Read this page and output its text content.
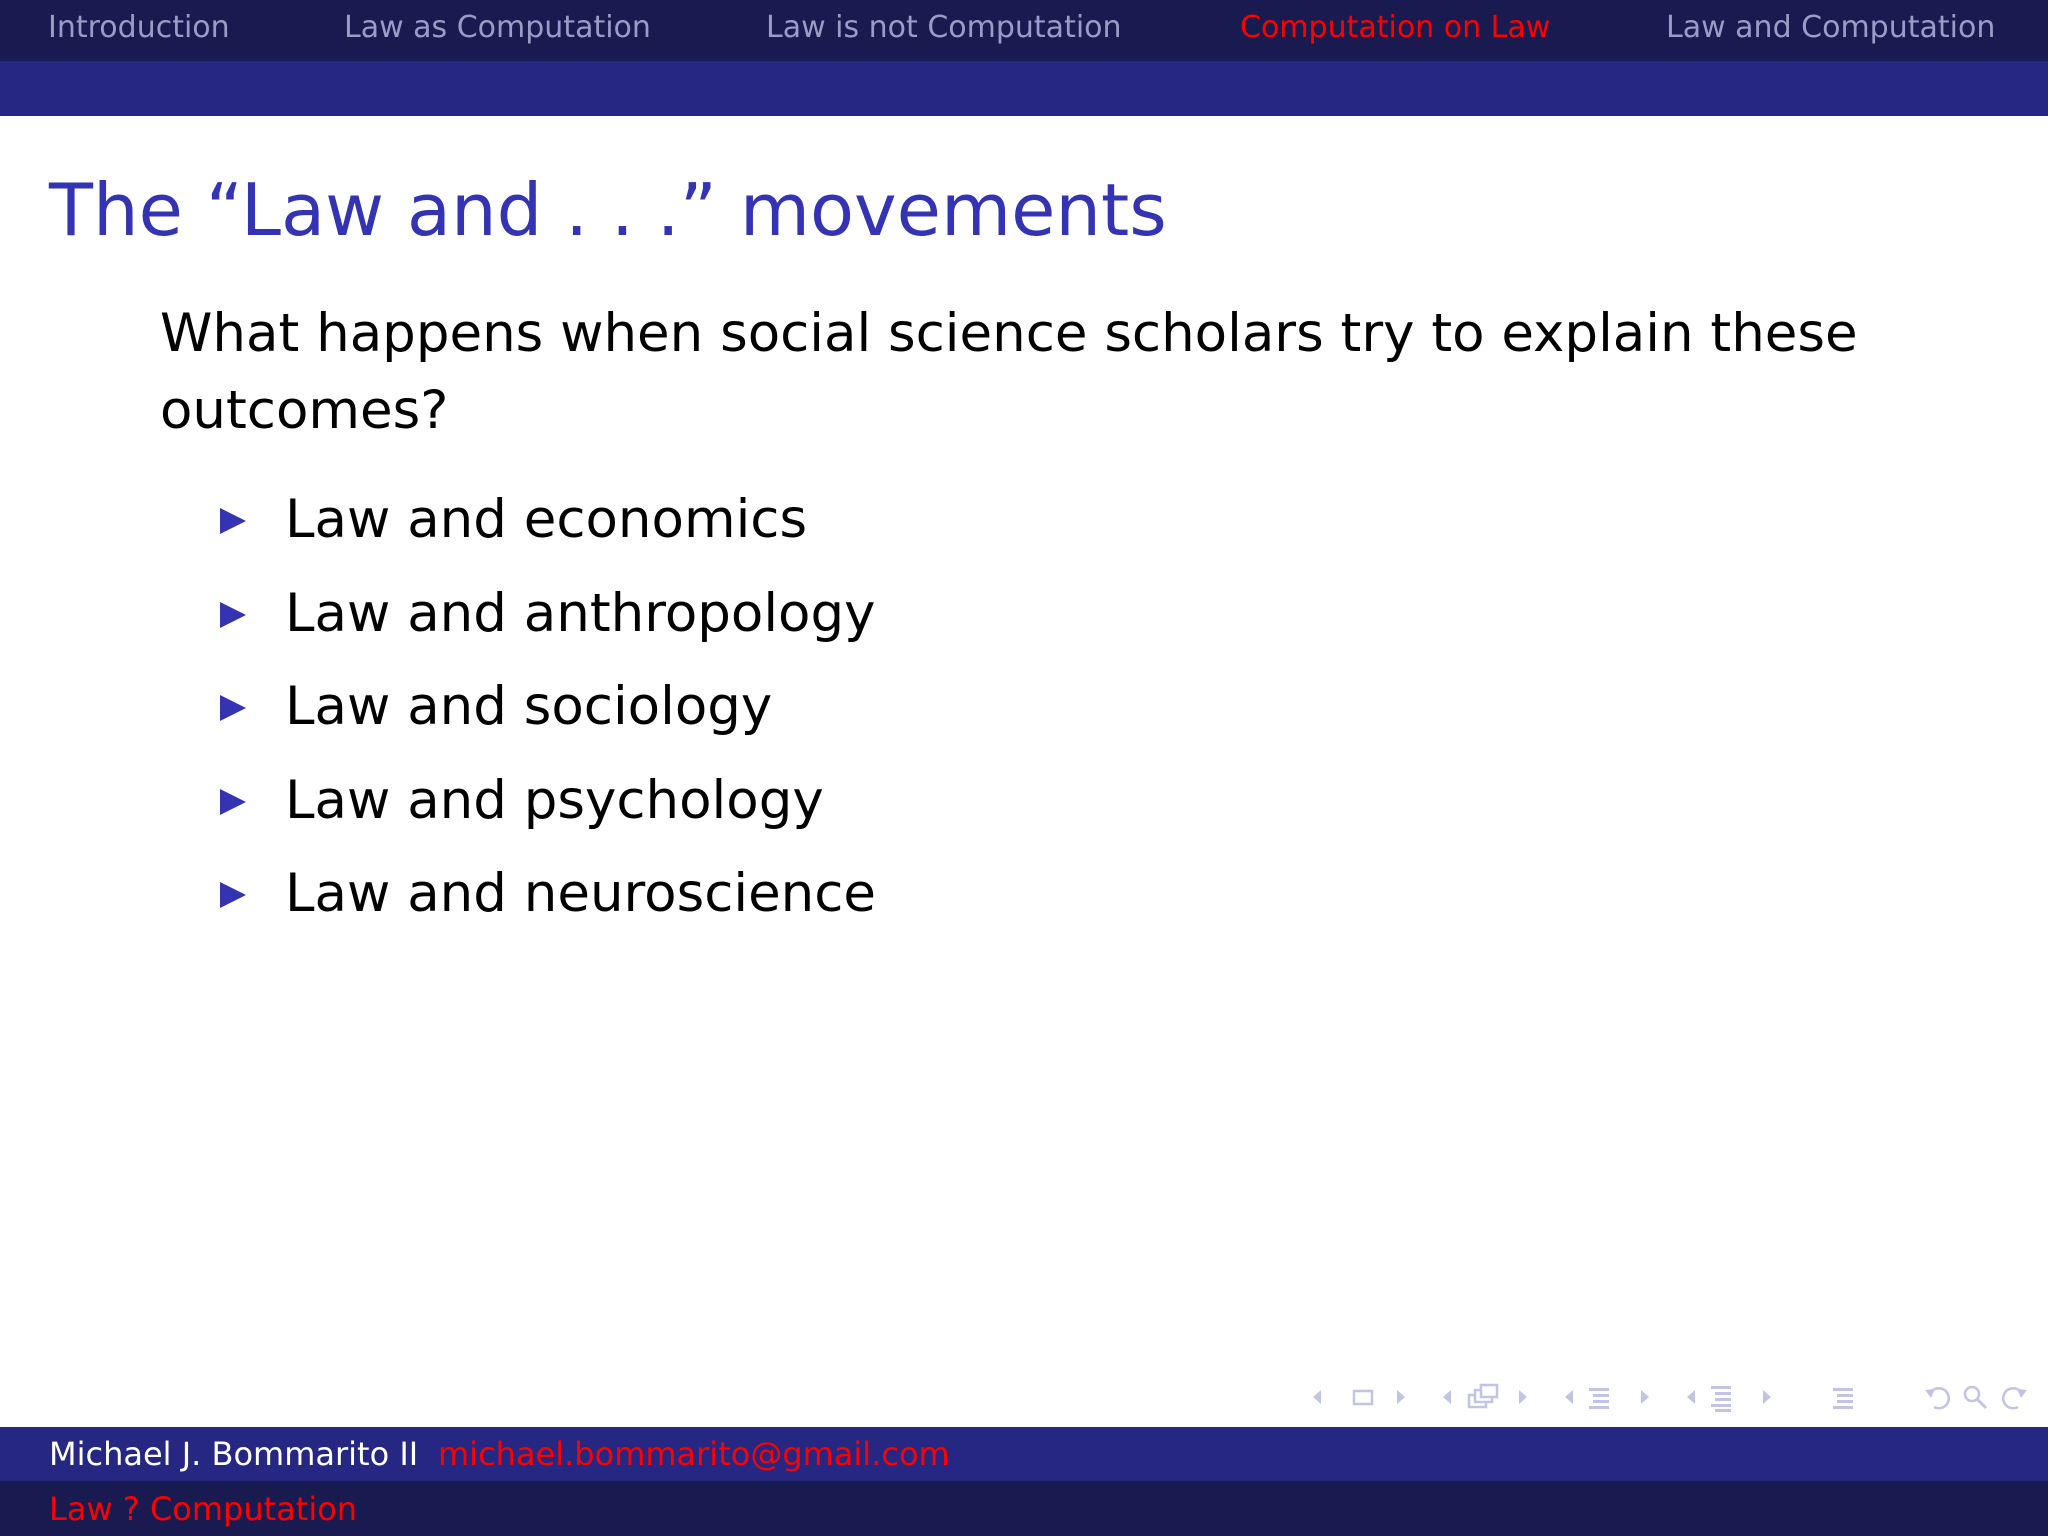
Introduction	Law as Computation	Law is not Computation	Computation on Law	Law and Computation
The “Law and . . .” movements
What happens when social science scholars try to explain these outcomes?
Law and economics
Law and anthropology
Law and sociology
Law and psychology
Law and neuroscience
Michael J. Bommarito II michael.bommarito@gmail.com
Law ? Computation
